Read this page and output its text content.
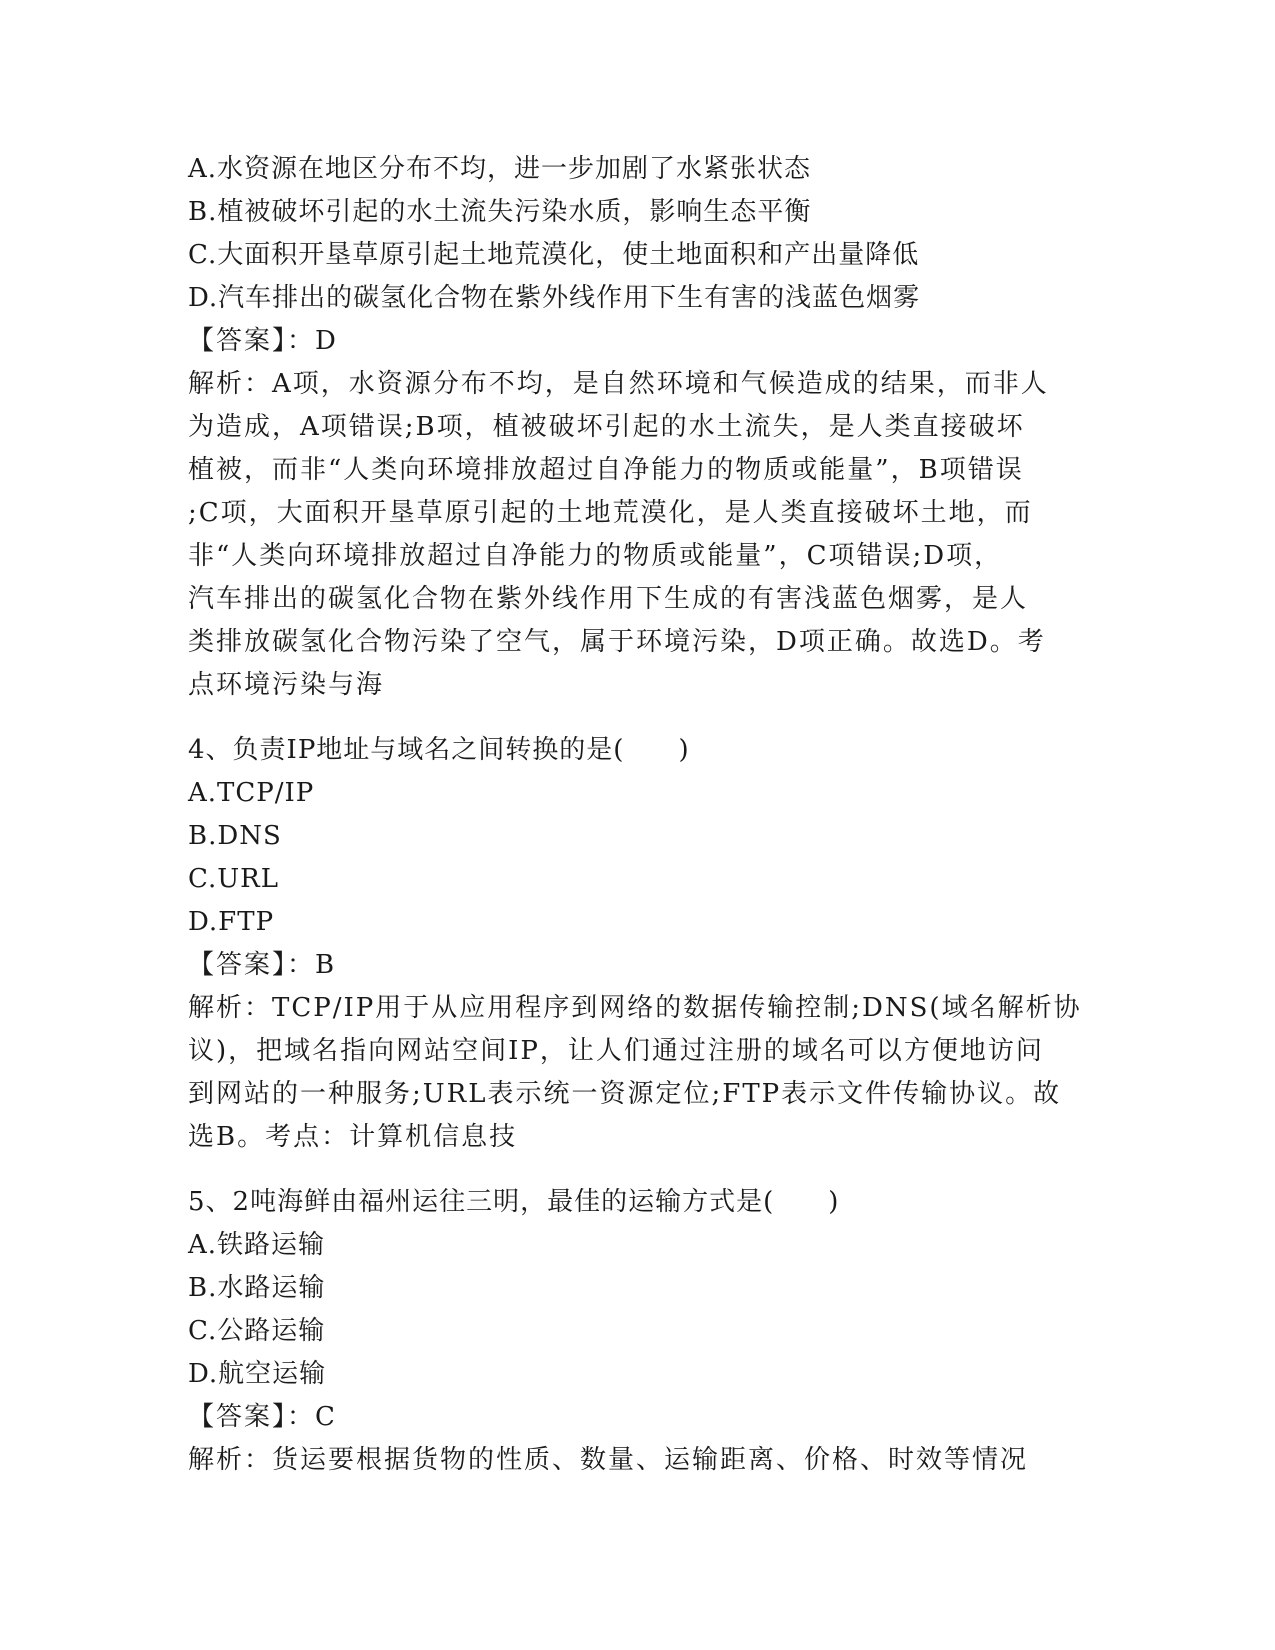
A.水资源在地区分布不均，进一步加剧了水紧张状态
B.植被破坏引起的水土流失污染水质，影响生态平衡
C.大面积开垦草原引起土地荒漠化，使土地面积和产出量降低
D.汽车排出的碳氢化合物在紫外线作用下生有害的浅蓝色烟雾
【答案】：D
解析：A项，水资源分布不均，是自然环境和气候造成的结果，而非人
为造成，A项错误;B项，植被破坏引起的水土流失，是人类直接破坏
植被，而非“人类向环境排放超过自净能力的物质或能量”，B项错误
;C项，大面积开垦草原引起的土地荒漠化，是人类直接破坏土地，而
非“人类向环境排放超过自净能力的物质或能量”，C项错误;D项，
汽车排出的碳氢化合物在紫外线作用下生成的有害浅蓝色烟雾，是人
类排放碳氢化合物污染了空气，属于环境污染，D项正确。故选D。考
点环境污染与海
4、负责IP地址与域名之间转换的是(　　)
A.TCP/IP
B.DNS
C.URL
D.FTP
【答案】：B
解析：TCP/IP用于从应用程序到网络的数据传输控制;DNS(域名解析协
议)，把域名指向网站空间IP，让人们通过注册的域名可以方便地访问
到网站的一种服务;URL表示统一资源定位;FTP表示文件传输协议。故
选B。考点：计算机信息技
5、2吨海鲜由福州运往三明，最佳的运输方式是(　　)
A.铁路运输
B.水路运输
C.公路运输
D.航空运输
【答案】：C
解析：货运要根据货物的性质、数量、运输距离、价格、时效等情况
